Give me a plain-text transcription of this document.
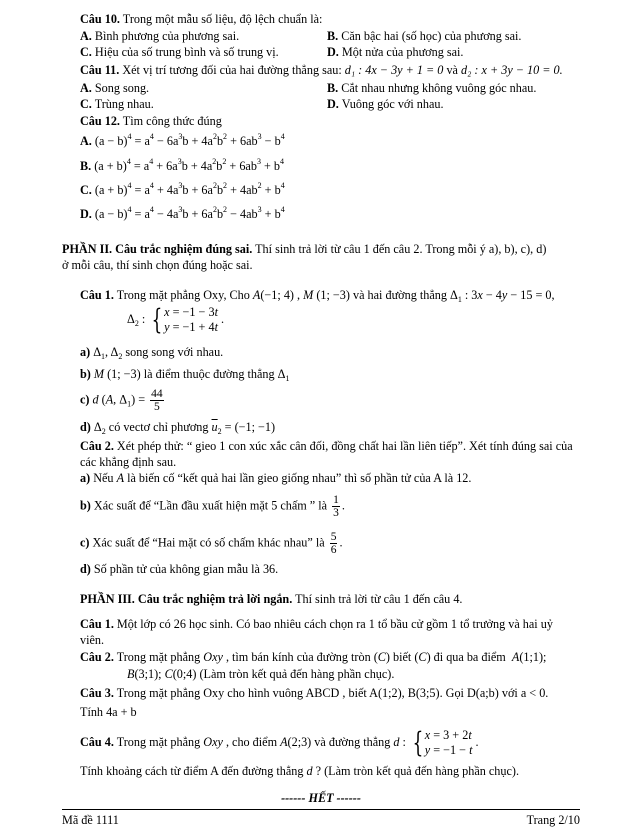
Câu 10. Trong một mẫu số liệu, độ lệch chuẩn là:
A. Bình phương của phương sai.	B. Căn bậc hai (số học) của phương sai.
C. Hiệu của số trung bình và số trung vị.	D. Một nửa của phương sai.
Câu 11. Xét vị trí tương đối của hai đường thẳng sau: d₁ : 4x − 3y + 1 = 0 và d₂ : x + 3y − 10 = 0.
A. Song song.	B. Cắt nhau nhưng không vuông góc nhau.
C. Trùng nhau.	D. Vuông góc với nhau.
Câu 12. Tìm công thức đúng
A. $(a - b)^4 = a^4 - 6a^3b + 4a^2b^2 + 6ab^3 - b^4$
B. $(a + b)^4 = a^4 + 6a^3b + 4a^2b^2 + 6ab^3 + b^4$
C. $(a + b)^4 = a^4 + 4a^3b + 6a^2b^2 + 4ab^2 + b^4$
D. $(a - b)^4 = a^4 - 4a^3b + 6a^2b^2 - 4ab^3 + b^4$
PHẦN II. Câu trắc nghiệm đúng sai. Thí sinh trả lời từ câu 1 đến câu 2. Trong mỗi ý a), b), c), d)
ở mỗi câu, thí sinh chọn đúng hoặc sai.
Câu 1. Trong mặt phẳng Oxy, Cho A(−1; 4) , M (1; −3) và hai đường thẳng $\Delta_1$ : 3x − 4y − 15 = 0,
$\Delta_2$ : { x = −1 − 3t
y = −1 + 4t .
a) $\Delta_1$, $\Delta_2$ song song với nhau.
b) M (1; −3) là điểm thuộc đường thẳng $\Delta_1$
c) d (A, $\Delta_1) = \frac{44}{5}$
d) $\Delta_2$ có vectơ chỉ phương $\overline{u}_2 = (-1$; −1)
Câu 2. Xét phép thử: “ gieo 1 con xúc xắc cân đối, đồng chất hai lần liên tiếp”. Xét tính đúng sai của
các khẳng định sau.
a) Nếu A là biến cố “kết quả hai lần gieo giống nhau” thì số phần tử của A là 12.
b) Xác suất để “Lần đầu xuất hiện mặt 5 chấm ” là $\frac{1}{3}$ .
c) Xác suất để “Hai mặt có số chấm khác nhau” là $\frac{5}{6}$ .
d) Số phần tử của không gian mẫu là 36.
PHẦN III. Câu trắc nghiệm trả lời ngắn. Thí sinh trả lời từ câu 1 đến câu 4.
Câu 1. Một lớp có 26 học sinh. Có bao nhiêu cách chọn ra 1 tổ bầu cử gồm 1 tổ trưởng và hai uỷ
viên.
Câu 2. Trong mặt phẳng Oxy , tìm bán kính của đường tròn (C) biết (C) đi qua ba điểm A(1;1);
B(3;1); C(0;4) (Làm tròn kết quả đến hàng phần chục).
Câu 3. Trong mặt phẳng Oxy cho hình vuông ABCD , biết A(1;2), B(3;5). Gọi D(a;b) với a < 0.
Tính 4a + b
Câu 4. Trong mặt phẳng Oxy , cho điểm A(2;3) và đường thẳng d : { x = 3 + 2t
y = −1 − t .
Tính khoảng cách từ điểm A đến đường thẳng d ? (Làm tròn kết quả đến hàng phần chục).
------ HẾT ------
Mã đề 1111	Trang 2/10
